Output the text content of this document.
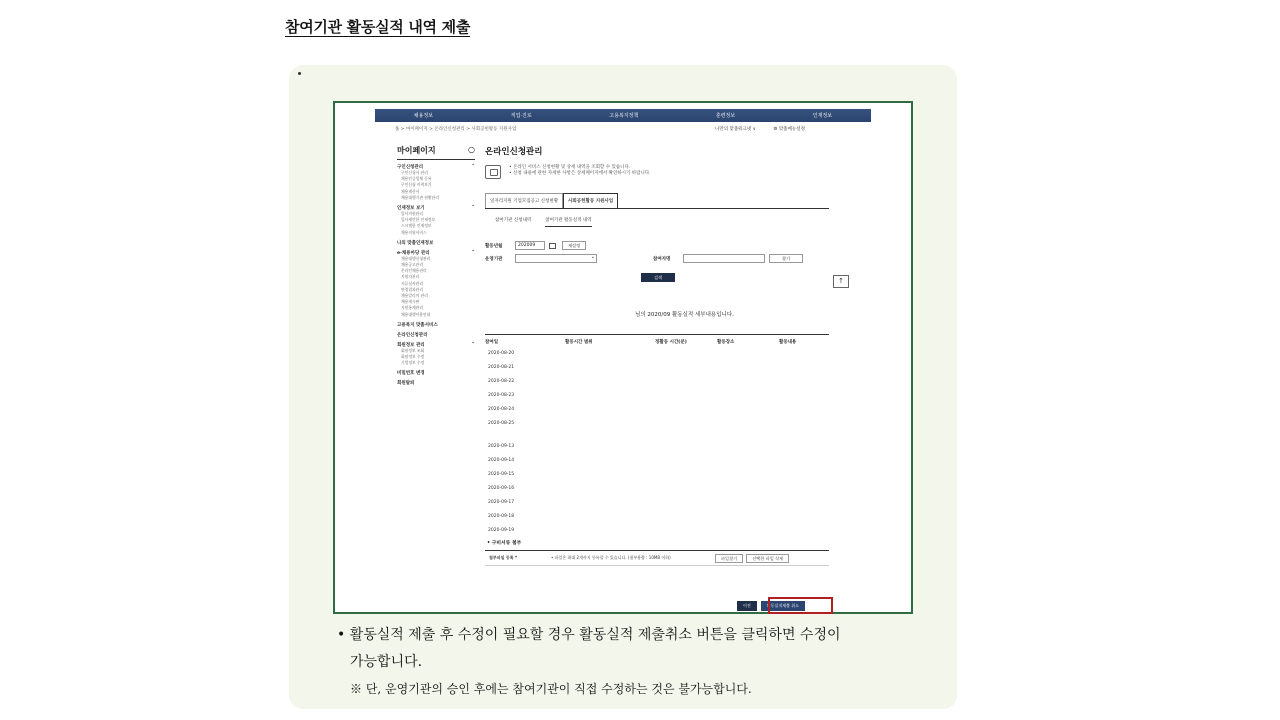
참여기관 활동실적 내역 제출
채용정보	직업·진로	고용복지정책	훈련정보	인재정보
홈 > 마이페이지 > 온라인신청관리 > 사회공헌활동 지원사업	나만의 맞춤워크넷 ∨	⚙ 맞춤메뉴설정
마이페이지	○
구인신청관리	⌃
구인신청서 관리
채용인증업체 등록
구인신청 이력보기
채용계산서
채용대행기관 현황관리
인재정보 보기	⌃
입사지원관리
입사제안한 인재정보
스크랩한 인재정보
채용지원서비스
나의 맞춤인재정보
e-채용마당 관리	⌃
채용대행신청관리
채용공고관리
온라인채용관리
지원자관리
서류심사관리
면접결과관리
채용알리미 관리
채용게시판
지원통계관리
채용대행이용안내
고용복지 맞춤서비스
온라인신청관리
회원정보 관리	⌃
회원정보 조회
회원정보 수정
기업정보 수정
비밀번호 변경
회원탈퇴
온라인신청관리
• 온라인 서비스 신청현황 및 상세 내역을 조회할 수 있습니다.
• 신청 내용에 관한 자세한 사항은 상세페이지에서 확인하시기 바랍니다.
일자리지원 기업모집공고 신청현황	사회공헌활동 지원사업
참여기관 신청내역	참여기관 활동실적 내역
활동년월	202009	재설정
운영기관	⌄	참여자명	찾기
검색
님의 2020/09 활동실적 세부내용입니다.
참여일	활동시간 범위	정활동 시간(분)	활동장소	활동내용
2020-08-20
2020-08-21
2020-08-22
2020-08-23
2020-08-24
2020-08-25
2020-09-13
2020-09-14
2020-09-15
2020-09-16
2020-09-17
2020-09-18
2020-09-19
• 구비서류 첨부
첨부파일 등록 *	• 파일은 최대 2개까지 등록할 수 있습니다. (첨부용량 : 10MB 이하)	파일찾기	선택한 파일 삭제
↑
이전	활동실적제출 취소
• 활동실적 제출 후 수정이 필요할 경우 활동실적 제출취소 버튼을 클릭하면 수정이
가능합니다.
※ 단, 운영기관의 승인 후에는 참여기관이 직접 수정하는 것은 불가능합니다.
